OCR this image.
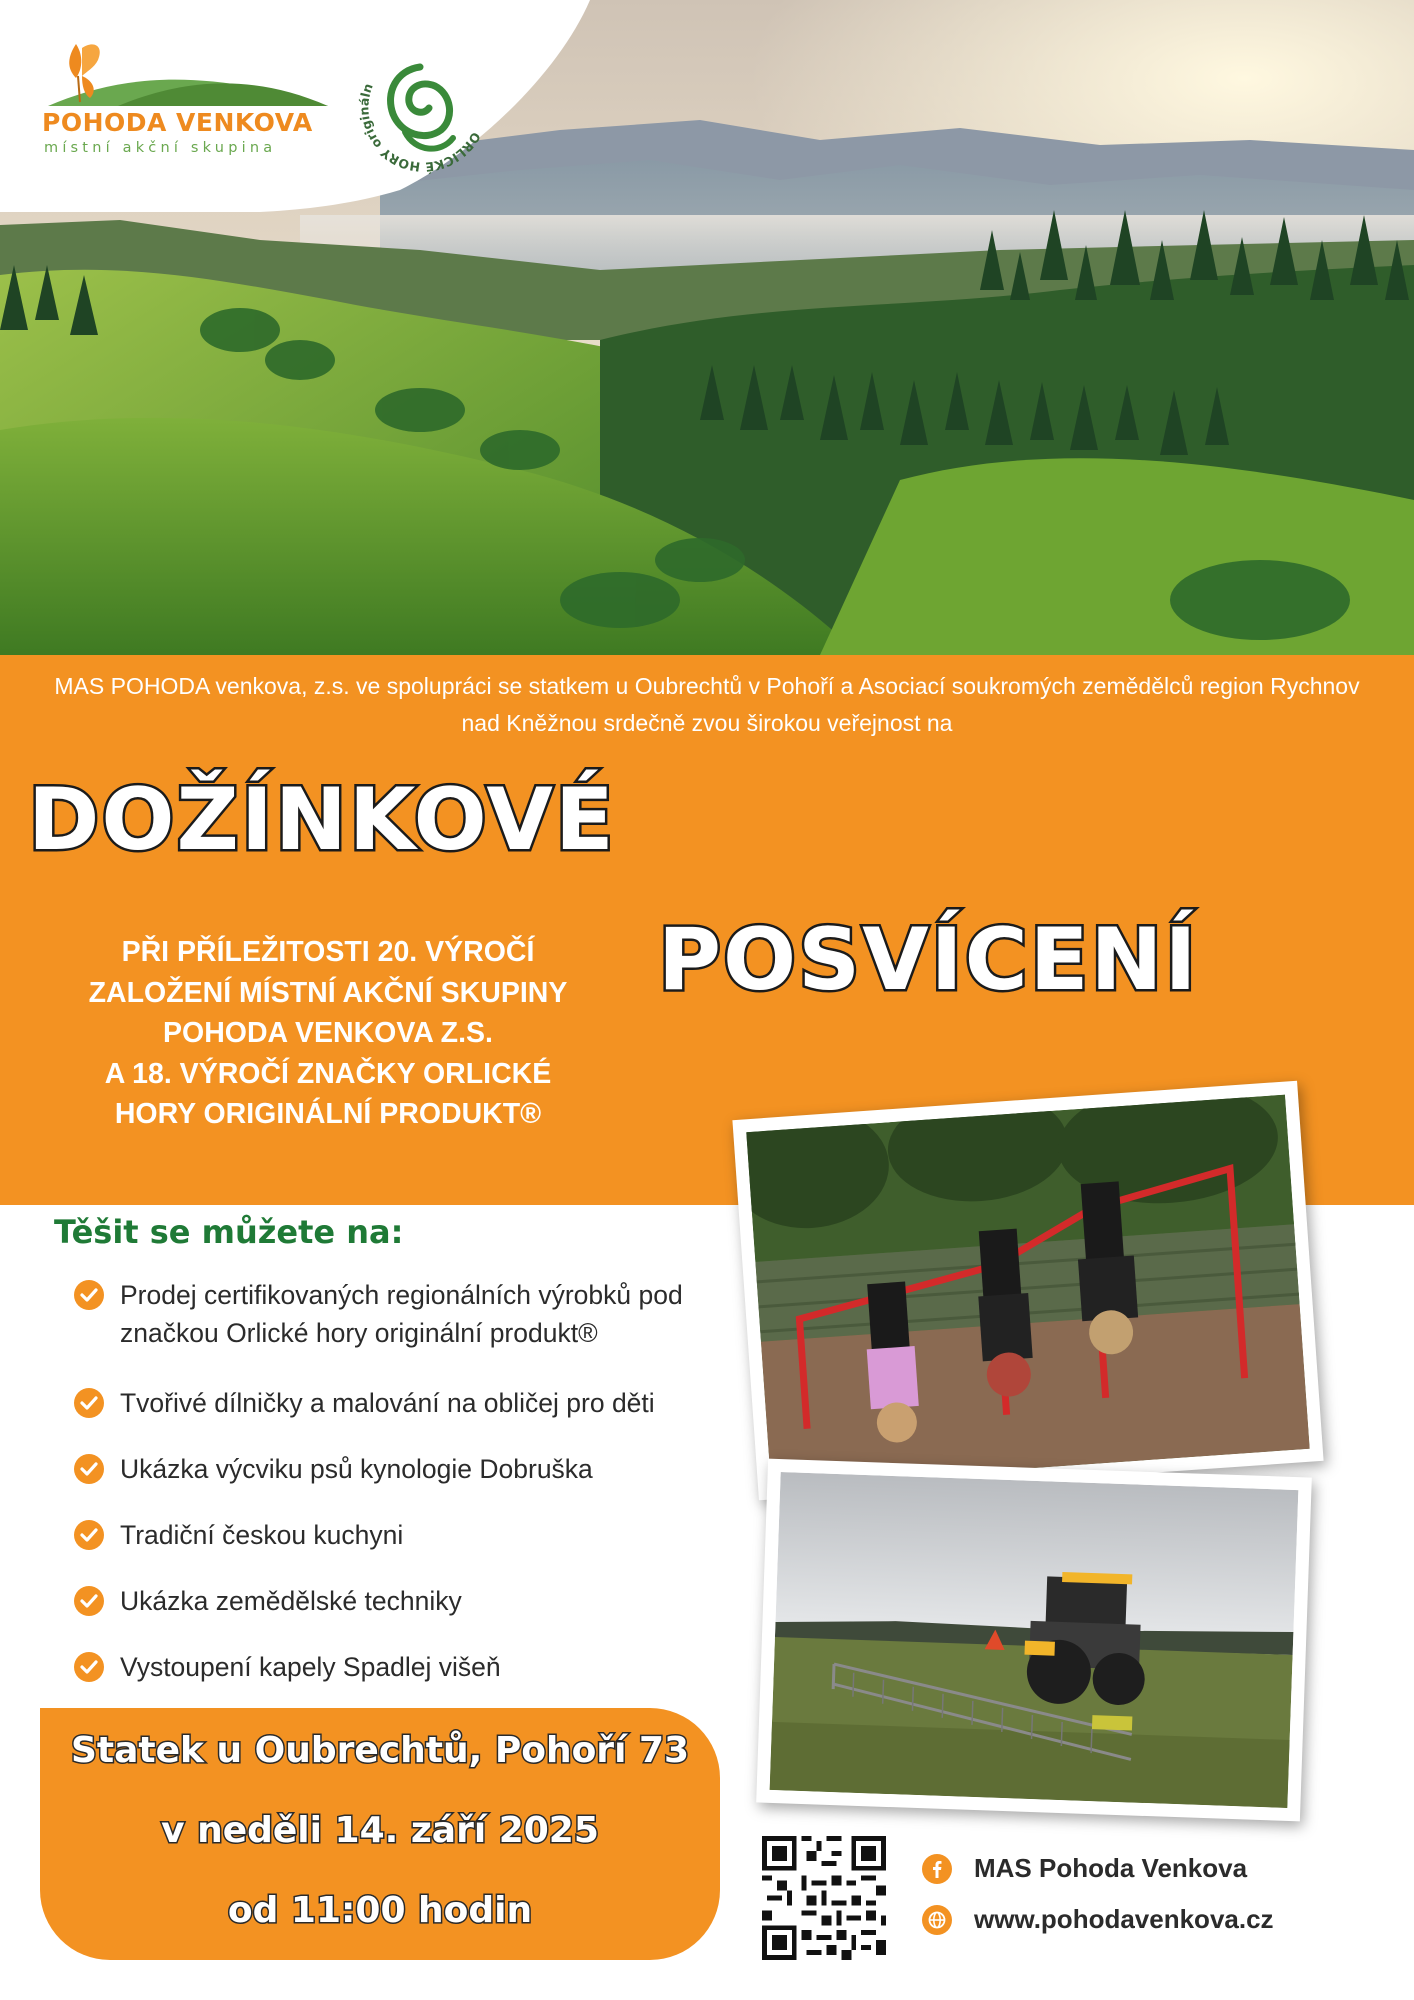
POHODA VENKOVA
místní akční skupina
ORLICKÉ HORY originální
MAS POHODA venkova, z.s. ve spolupráci se statkem u Oubrechtů v Pohoří a Asociací soukromých zemědělců region Rychnov nad Kněžnou srdečně zvou širokou veřejnost na
DOŽÍNKOVÉ
POSVÍCENÍ
PŘI PŘÍLEŽITOSTI 20. VÝROČÍ
ZALOŽENÍ MÍSTNÍ AKČNÍ SKUPINY
POHODA VENKOVA Z.S.
A 18. VÝROČÍ ZNAČKY ORLICKÉ
HORY ORIGINÁLNÍ PRODUKT®
Těšit se můžete na:
Prodej certifikovaných regionálních výrobků pod značkou Orlické hory originální produkt®
Tvořivé dílničky a malování na obličej pro děti
Ukázka výcviku psů kynologie Dobruška
Tradiční českou kuchyni
Ukázka zemědělské techniky
Vystoupení kapely Spadlej višeň
Statek u Oubrechtů, Pohoří 73
v neděli 14. září 2025
od 11:00 hodin
MAS Pohoda Venkova
www.pohodavenkova.cz
